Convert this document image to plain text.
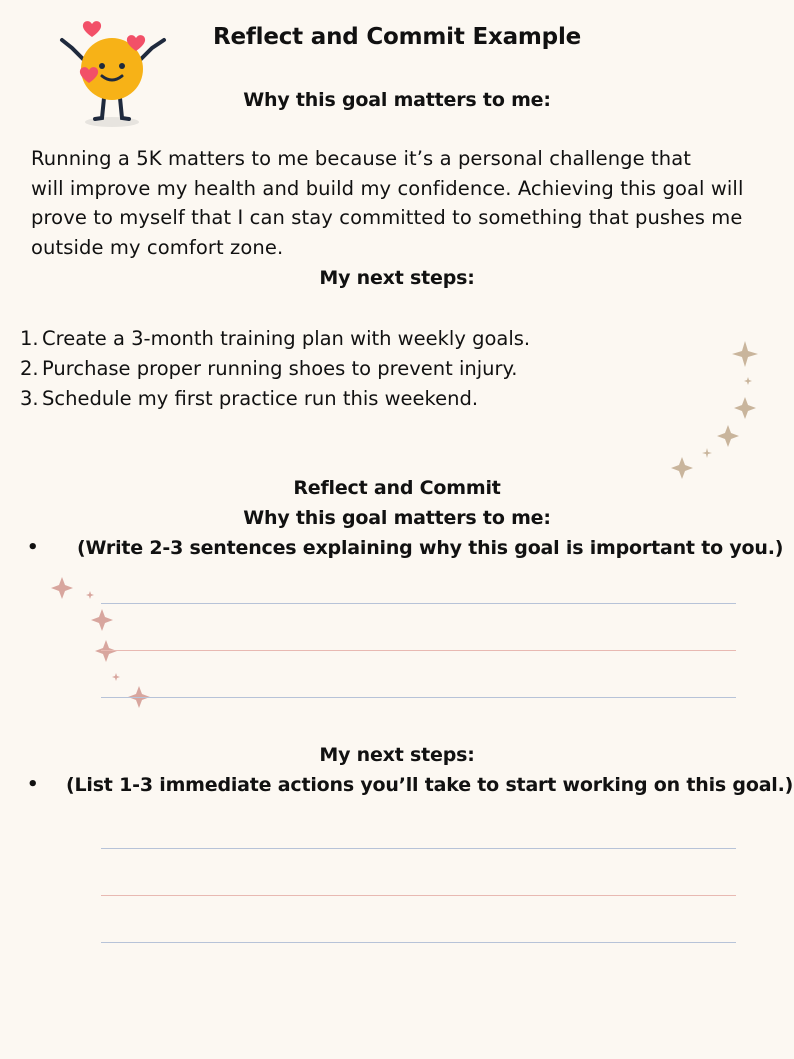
Reflect and Commit Example
Why this goal matters to me:
Running a 5K matters to me because it’s a personal challenge that
will improve my health and build my confidence. Achieving this goal will
prove to myself that I can stay committed to something that pushes me
outside my comfort zone.
My next steps:
1. Create a 3-month training plan with weekly goals.
2. Purchase proper running shoes to prevent injury.
3. Schedule my first practice run this weekend.
Reflect and Commit
Why this goal matters to me:
• (Write 2-3 sentences explaining why this goal is important to you.)
My next steps:
• (List 1-3 immediate actions you’ll take to start working on this goal.)
